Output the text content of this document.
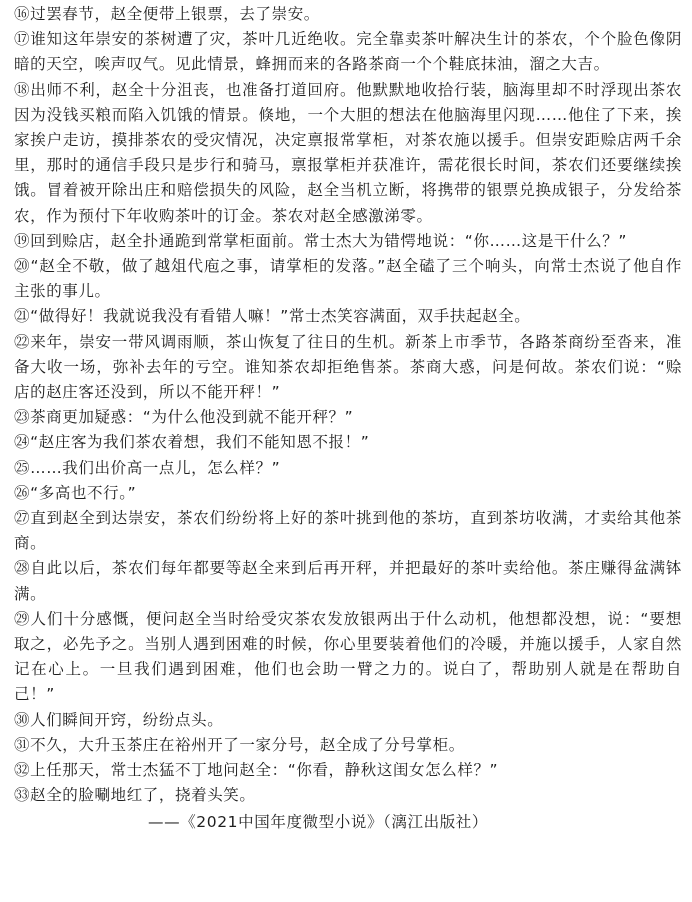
⑯过罢春节，赵全便带上银票，去了崇安。

⑰谁知这年崇安的茶树遭了灾，茶叶几近绝收。完全靠卖茶叶解决生计的茶农，个个脸色像阴暗的天空，唉声叹气。见此情景，蜂拥而来的各路茶商一个个鞋底抹油，溜之大吉。

⑱出师不利，赵全十分沮丧，也准备打道回府。他默默地收拾行装，脑海里却不时浮现出茶农因为没钱买粮而陷入饥饿的情景。倏地，一个大胆的想法在他脑海里闪现……他住了下来，挨家挨户走访，摸排茶农的受灾情况，决定禀报常掌柜，对茶农施以援手。但崇安距赊店两千余里，那时的通信手段只是步行和骑马，禀报掌柜并获准许，需花很长时间，茶农们还要继续挨饿。冒着被开除出庄和赔偿损失的风险，赵全当机立断，将携带的银票兑换成银子，分发给茶农，作为预付下年收购茶叶的订金。茶农对赵全感激涕零。

⑲回到赊店，赵全扑通跪到常掌柜面前。常士杰大为错愕地说：“你……这是干什么？”

⑳“赵全不敬，做了越俎代庖之事，请掌柜的发落。”赵全磕了三个响头，向常士杰说了他自作主张的事儿。

㉑“做得好！我就说我没有看错人嘛！”常士杰笑容满面，双手扶起赵全。

㉒来年，崇安一带风调雨顺，茶山恢复了往日的生机。新茶上市季节，各路茶商纷至沓来，准备大收一场，弥补去年的亏空。谁知茶农却拒绝售茶。茶商大惑，问是何故。茶农们说：“赊店的赵庄客还没到，所以不能开秤！”

㉓茶商更加疑惑：“为什么他没到就不能开秤？”

㉔“赵庄客为我们茶农着想，我们不能知恩不报！”

㉕……我们出价高一点儿，怎么样？”

㉖“多高也不行。”

㉗直到赵全到达崇安，茶农们纷纷将上好的茶叶挑到他的茶坊，直到茶坊收满，才卖给其他茶商。

㉘自此以后，茶农们每年都要等赵全来到后再开秤，并把最好的茶叶卖给他。茶庄赚得盆满钵满。

㉙人们十分感慨，便问赵全当时给受灾茶农发放银两出于什么动机，他想都没想，说：“要想取之，必先予之。当别人遇到困难的时候，你心里要装着他们的冷暖，并施以援手，人家自然记在心上。一旦我们遇到困难，他们也会助一臂之力的。说白了，帮助别人就是在帮助自己！”

㉚人们瞬间开窍，纷纷点头。

㉛不久，大升玉茶庄在裕州开了一家分号，赵全成了分号掌柜。

㉜上任那天，常士杰猛不丁地问赵全：“你看，静秋这闺女怎么样？”

㉝赵全的脸唰地红了，挠着头笑。

——《2021中国年度微型小说》（漓江出版社）
